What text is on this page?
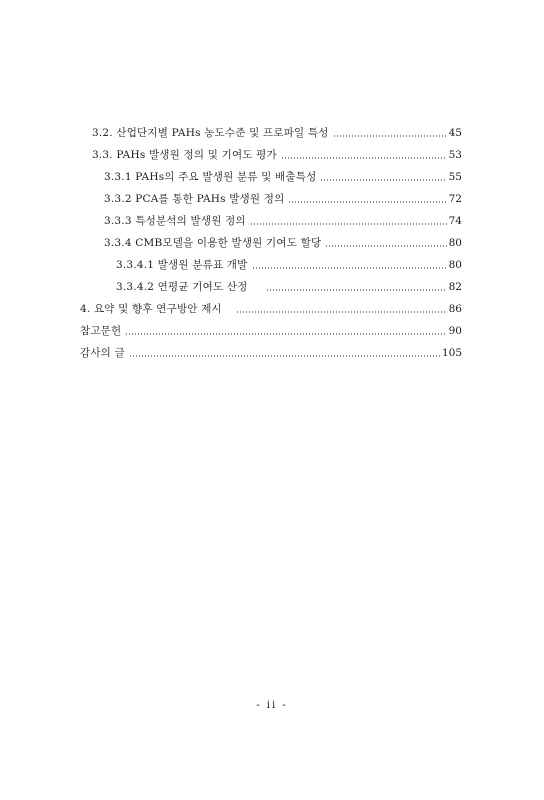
3.2. 산업단지별 PAHs 농도수준 및 프로파일 특성	45
3.3. PAHs 발생원 정의 및 기여도 평가	53
3.3.1 PAHs의 주요 발생원 분류 및 배출특성	55
3.3.2 PCA를 통한 PAHs 발생원 정의	72
3.3.3 특성분석의 발생원 정의	74
3.3.4 CMB모델을 이용한 발생원 기여도 할당	80
3.3.4.1 발생원 분류표 개발	80
3.3.4.2 연평균 기여도 산정	82
4. 요약 및 향후 연구방안 제시	86
참고문헌	90
감사의 글	105
- ii -
